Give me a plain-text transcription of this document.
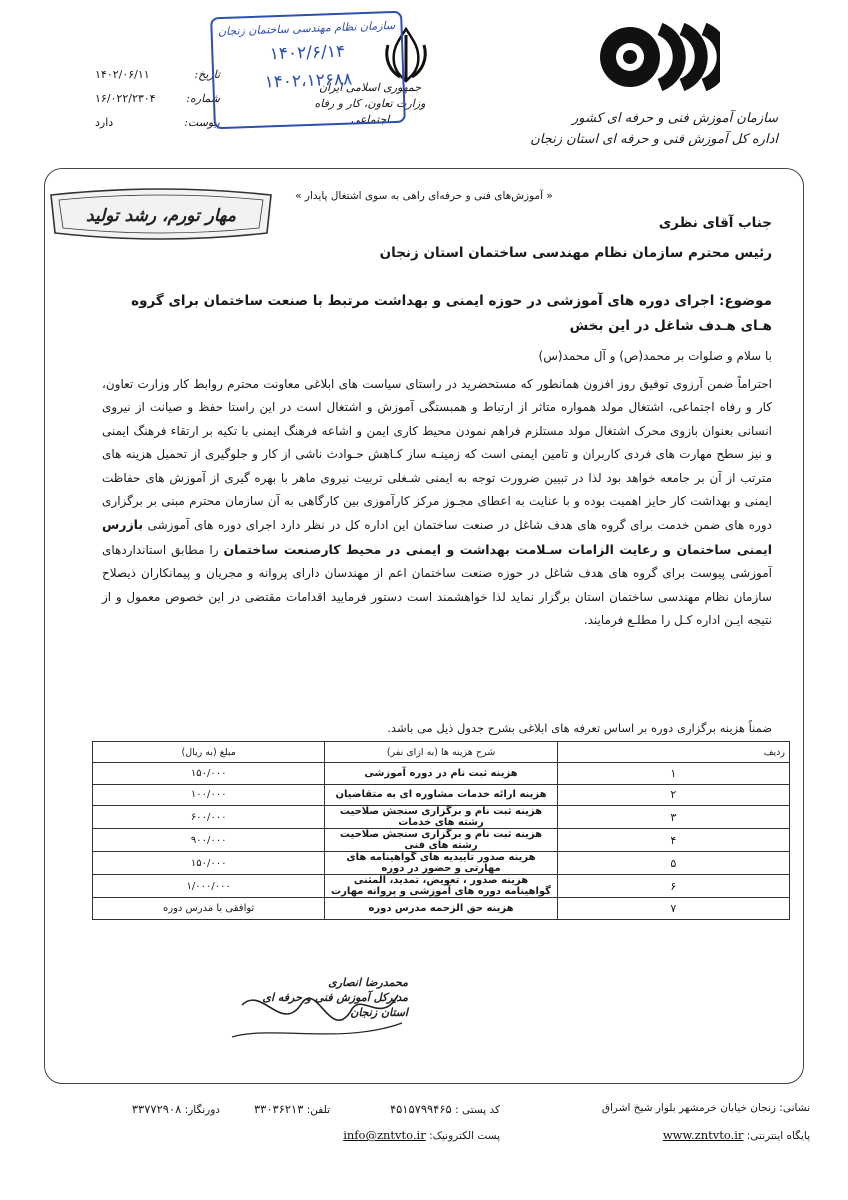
سازمان آموزش فنی و حرفه ای کشور
اداره کل آموزش فنی و حرفه ای استان زنجان
جمهوری اسلامی ایران
وزارت تعاون، کار و رفاه اجتماعی
تاریخ:
۱۴۰۲/۰۶/۱۱
شماره:
۱۶/۰۲۲/۲۳۰۴
پیوست:
دارد
سازمان نظام مهندسی ساختمان زنجان
۱۴۰۲/۶/۱۴
۱۴۰۲،۱۲۶۸۸
« آموزش‌های فنی و حرفه‌ای راهی به سوی اشتغال پایدار »
مهار تورم، رشد تولید	جناب آقای نظری
رئیس محترم سازمان نظام مهندسی ساختمان استان زنجان
موضوع: اجرای دوره های آموزشی در حوزه ایمنی و بهداشت مرتبط با صنعت ساختمان برای گروه هـای هـدف شاغل در این بخش
با سلام و صلوات بر محمد(ص) و آل محمد(س)
احتراماً ضمن آرزوی توفیق روز افزون همانطور که مستحضرید در راستای سیاست های ابلاغی معاونت محترم روابط کار وزارت تعاون، کار و رفاه اجتماعی، اشتغال مولد همواره متاثر از ارتباط و همبستگی آموزش و اشتغال است در این راستا حفظ و صیانت از نیروی انسانی بعنوان بازوی محرک اشتغال مولد مستلزم فراهم نمودن محیط کاری ایمن و اشاعه فرهنگ ایمنی با تکیه بر ارتقاء فرهنگ ایمنی و نیز سطح مهارت های فردی کاربران و تامین ایمنی است که زمینـه ساز کـاهش حـوادث ناشی از کار و جلوگیری از تحمیل هزینه های مترتب از آن بر جامعه خواهد بود لذا در تبیین ضرورت توجه به ایمنی شـغلی تربیت نیروی ماهر با بهره گیری از آموزش های حفاظت ایمنی و بهداشت کار حایز اهمیت بوده و با عنایت به اعطای مجـوز مرکز کارآموزی بین کارگاهی به آن سازمان محترم مبنی بر برگزاری دوره های ضمن خدمت برای گروه های هدف شاغل در صنعت ساختمان این اداره کل در نظر دارد اجرای دوره های آموزشی بازرس ایمنی ساختمان و رعایت الزامات سـلامت بهداشت و ایمنی در محیط کارصنعت ساختمان را مطابق استانداردهای آموزشی پیوست برای گروه های هدف شاغل در حوزه صنعت ساختمان اعم از مهندسان دارای پروانه و مجریان و پیمانکاران ذیصلاح سازمان نظام مهندسی ساختمان استان برگزار نماید لذا خواهشمند است دستور فرمایید اقدامات مقتضی در این خصوص معمول و از نتیجه ایـن اداره کـل را مطلـع فرمایند.
ضمناً هزینه برگزاری دوره بر اساس تعرفه های ابلاغی بشرح جدول ذیل می باشد.
ردیف	شرح هزینه ها (به ازای نفر)	مبلغ (به ریال)
۱	هزینه ثبت نام در دوره آموزشی	۱۵۰/۰۰۰
۲	هزینه ارائه خدمات مشاوره ای به متقاضیان	۱۰۰/۰۰۰
۳	هزینه ثبت نام و برگزاری سنجش صلاحیت رشته های خدمات	۶۰۰/۰۰۰
۴	هزینه ثبت نام و برگزاری سنجش صلاحیت رشته های فنی	۹۰۰/۰۰۰
۵	هزینه صدور تاییدیه های گواهینامه های مهارتی و حضور در دوره	۱۵۰/۰۰۰
۶	هزینه صدور ، تعویض، تمدید، المثنی گواهینامه دوره های آموزشی و پروانه مهارت	۱/۰۰۰/۰۰۰
۷	هزینه حق الزحمه مدرس دوره	توافقی با مدرس دوره
محمدرضا انصاری
مدیرکل آموزش فنی و حرفه ای
استان زنجان
نشانی: زنجان خیابان خرمشهر بلوار شیخ اشراق
کد پستی : ۴۵۱۵۷۹۹۴۶۵
تلفن: ۳۳۰۳۶۲۱۳
دورنگار: ۳۳۷۷۲۹۰۸
پایگاه اینترنتی: www.zntvto.ir
پست الکترونیک: info@zntvto.ir
